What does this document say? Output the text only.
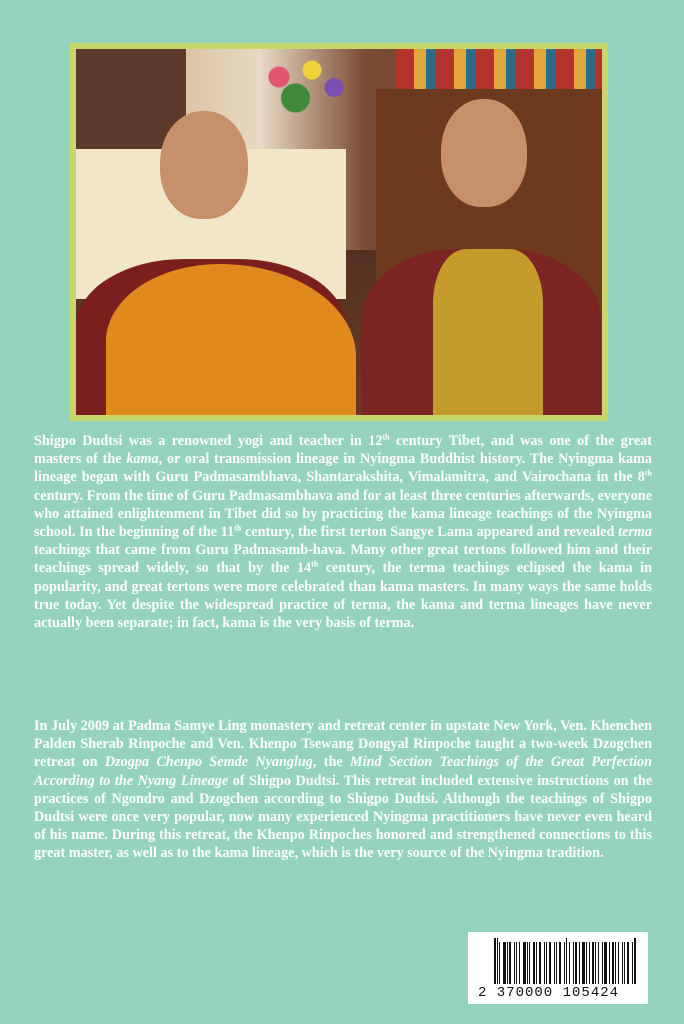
Shigpo Dudtsi was a renowned yogi and teacher in 12th century Tibet, and was one of the great masters of the kama, or oral transmission lineage in Nyingma Buddhist history. The Nyingma kama lineage began with Guru Padmasambhava, Shantarakshita, Vimalamitra, and Vairochana in the 8th century. From the time of Guru Padmasambhava and for at least three centuries afterwards, everyone who attained enlightenment in Tibet did so by practicing the kama lineage teachings of the Nyingma school. In the beginning of the 11th century, the first terton Sangye Lama appeared and revealed terma teachings that came from Guru Padmasamb-hava. Many other great tertons followed him and their teachings spread widely, so that by the 14th century, the terma teachings eclipsed the kama in popularity, and great tertons were more celebrated than kama masters. In many ways the same holds true today. Yet despite the widespread practice of terma, the kama and terma lineages have never actually been separate; in fact, kama is the very basis of terma.

In July 2009 at Padma Samye Ling monastery and retreat center in upstate New York, Ven. Khenchen Palden Sherab Rinpoche and Ven. Khenpo Tsewang Dongyal Rinpoche taught a two-week Dzogchen retreat on Dzogpa Chenpo Semde Nyanglug, the Mind Section Teachings of the Great Perfection According to the Nyang Lineage of Shigpo Dudtsi. This retreat included extensive instructions on the practices of Ngondro and Dzogchen according to Shigpo Dudtsi. Although the teachings of Shigpo Dudtsi were once very popular, now many experienced Nyingma practitioners have never even heard of his name. During this retreat, the Khenpo Rinpoches honored and strengthened connections to this great master, as well as to the kama lineage, which is the very source of the Nyingma tradition.

2 370000 105424
